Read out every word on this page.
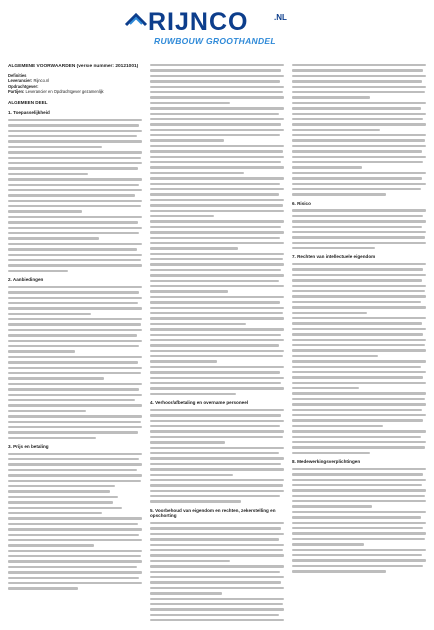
RIJNCO	.NL
RUWBOUW GROOTHANDEL
ALGEMENE VOORWAARDEN (versie nummer: 20121001)

Definities

Leverancier: Rijnco.nl

Opdrachtgever:

Partijen: Leverancier en Opdrachtgever gezamenlijk

ALGEMEEN DEEL
1. Toepasselijkheid
2. Aanbiedingen
3. Prijs en betaling
4. Verhoor/afbetaling en overname personeel
5. Voorbehoud van eigendom en rechten, zekerstelling en opschorting
6. Risico
7. Rechten van intellectuele eigendom
8. Medewerkingsverplichtingen
